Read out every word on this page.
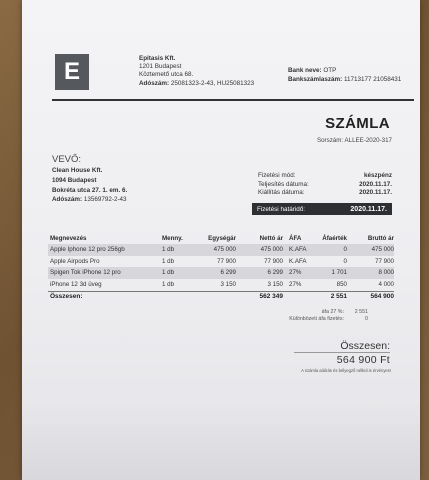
E	Epitasis Kft.
1201 Budapest
Köztemető utca 68.
Adószám: 25081323-2-43, HU25081323
Bank neve: OTP
Bankszámlaszám: 11713177 21058431
SZÁMLA
Sorszám: ALLEE-2020-317
VEVŐ:
Clean House Kft.
1094 Budapest
Bokréta utca 27. 1. em. 6.
Adószám: 13569792-2-43
Fizetési mód:	készpénz
Teljesítés dátuma:	2020.11.17.
Kiállítás dátuma:	2020.11.17.
Fizetési határidő:	2020.11.17.
Megnevezés	Menny.	Egységár	Nettó ár ÁFA	Áfaérték	Bruttó ár
Apple Iphone 12 pro 256gb	1 db	475 000	475 000 K.AFA	0	475 000
Apple Airpods Pro	1 db	77 900	77 900 K.AFA	0	77 900
Spigen Tok iPhone 12 pro	1 db	6 299	6 299 27%	1 701	8 000
iPhone 12 3d üveg	1 db	3 150	3 150 27%	850	4 000
Összesen:	562 349	2 551	564 900
áfa 27 %:	2 551
Különbözeti áfa fizetés:	0
Összesen:
564 900 Ft
A számla aláírás és bélyegző nélkül is érvényes!
